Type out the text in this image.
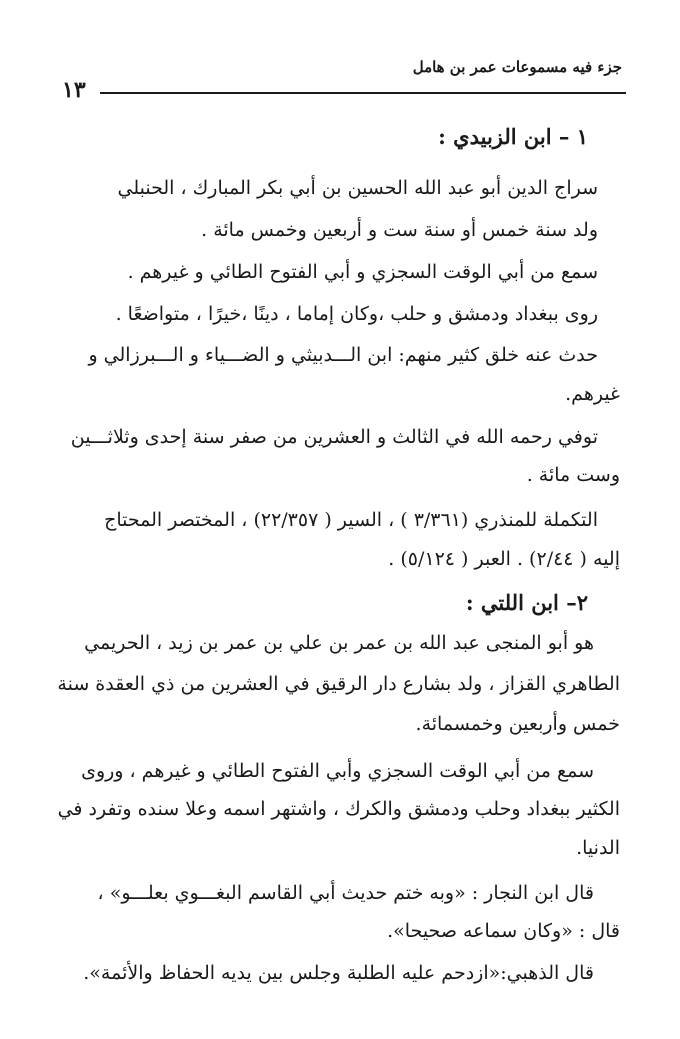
جزء فيه مسموعات عمر بن هامل
١٣
١ – ابن الزبيدي :
سراج الدين أبو عبد الله الحسين بن أبي بكر المبارك ، الحنبلي
ولد سنة خمس أو سنة ست و أربعين وخمس مائة .
سمع من أبي الوقت السجزي و أبي الفتوح الطائي و غيرهم .
روى ببغداد ودمشق و حلب ،وكان إماما ، دينًا ،خيرًا ، متواضعًا .
حدث عنه خلق كثير منهم: ابن الـــدبيثي و الضـــياء و الـــبرزالي و
غيرهم.
توفي رحمه الله في الثالث و العشرين من صفر سنة إحدى وثلاثـــين
وست مائة .
التكملة للمنذري (٣/٣٦١ ) ، السير ( ٢٢/٣٥٧) ، المختصر المحتاج
إليه ( ٢/٤٤) . العبر ( ٥/١٢٤) .
٢– ابن اللتي :
هو أبو المنجى عبد الله بن عمر بن علي بن عمر بن زيد ، الحريمي
الطاهري القزاز ، ولد بشارع دار الرقيق في العشرين من ذي العقدة سنة
خمس وأربعين وخمسمائة.
سمع من أبي الوقت السجزي وأبي الفتوح الطائي و غيرهم ، وروى
الكثير ببغداد وحلب ودمشق والكرك ، واشتهر اسمه وعلا سنده وتفرد في
الدنيا.
قال ابن النجار : «وبه ختم حديث أبي القاسم البغـــوي بعلـــو» ،
قال : «وكان سماعه صحيحا».
قال الذهبي:«ازدحم عليه الطلبة وجلس بين يديه الحفاظ والأئمة».
